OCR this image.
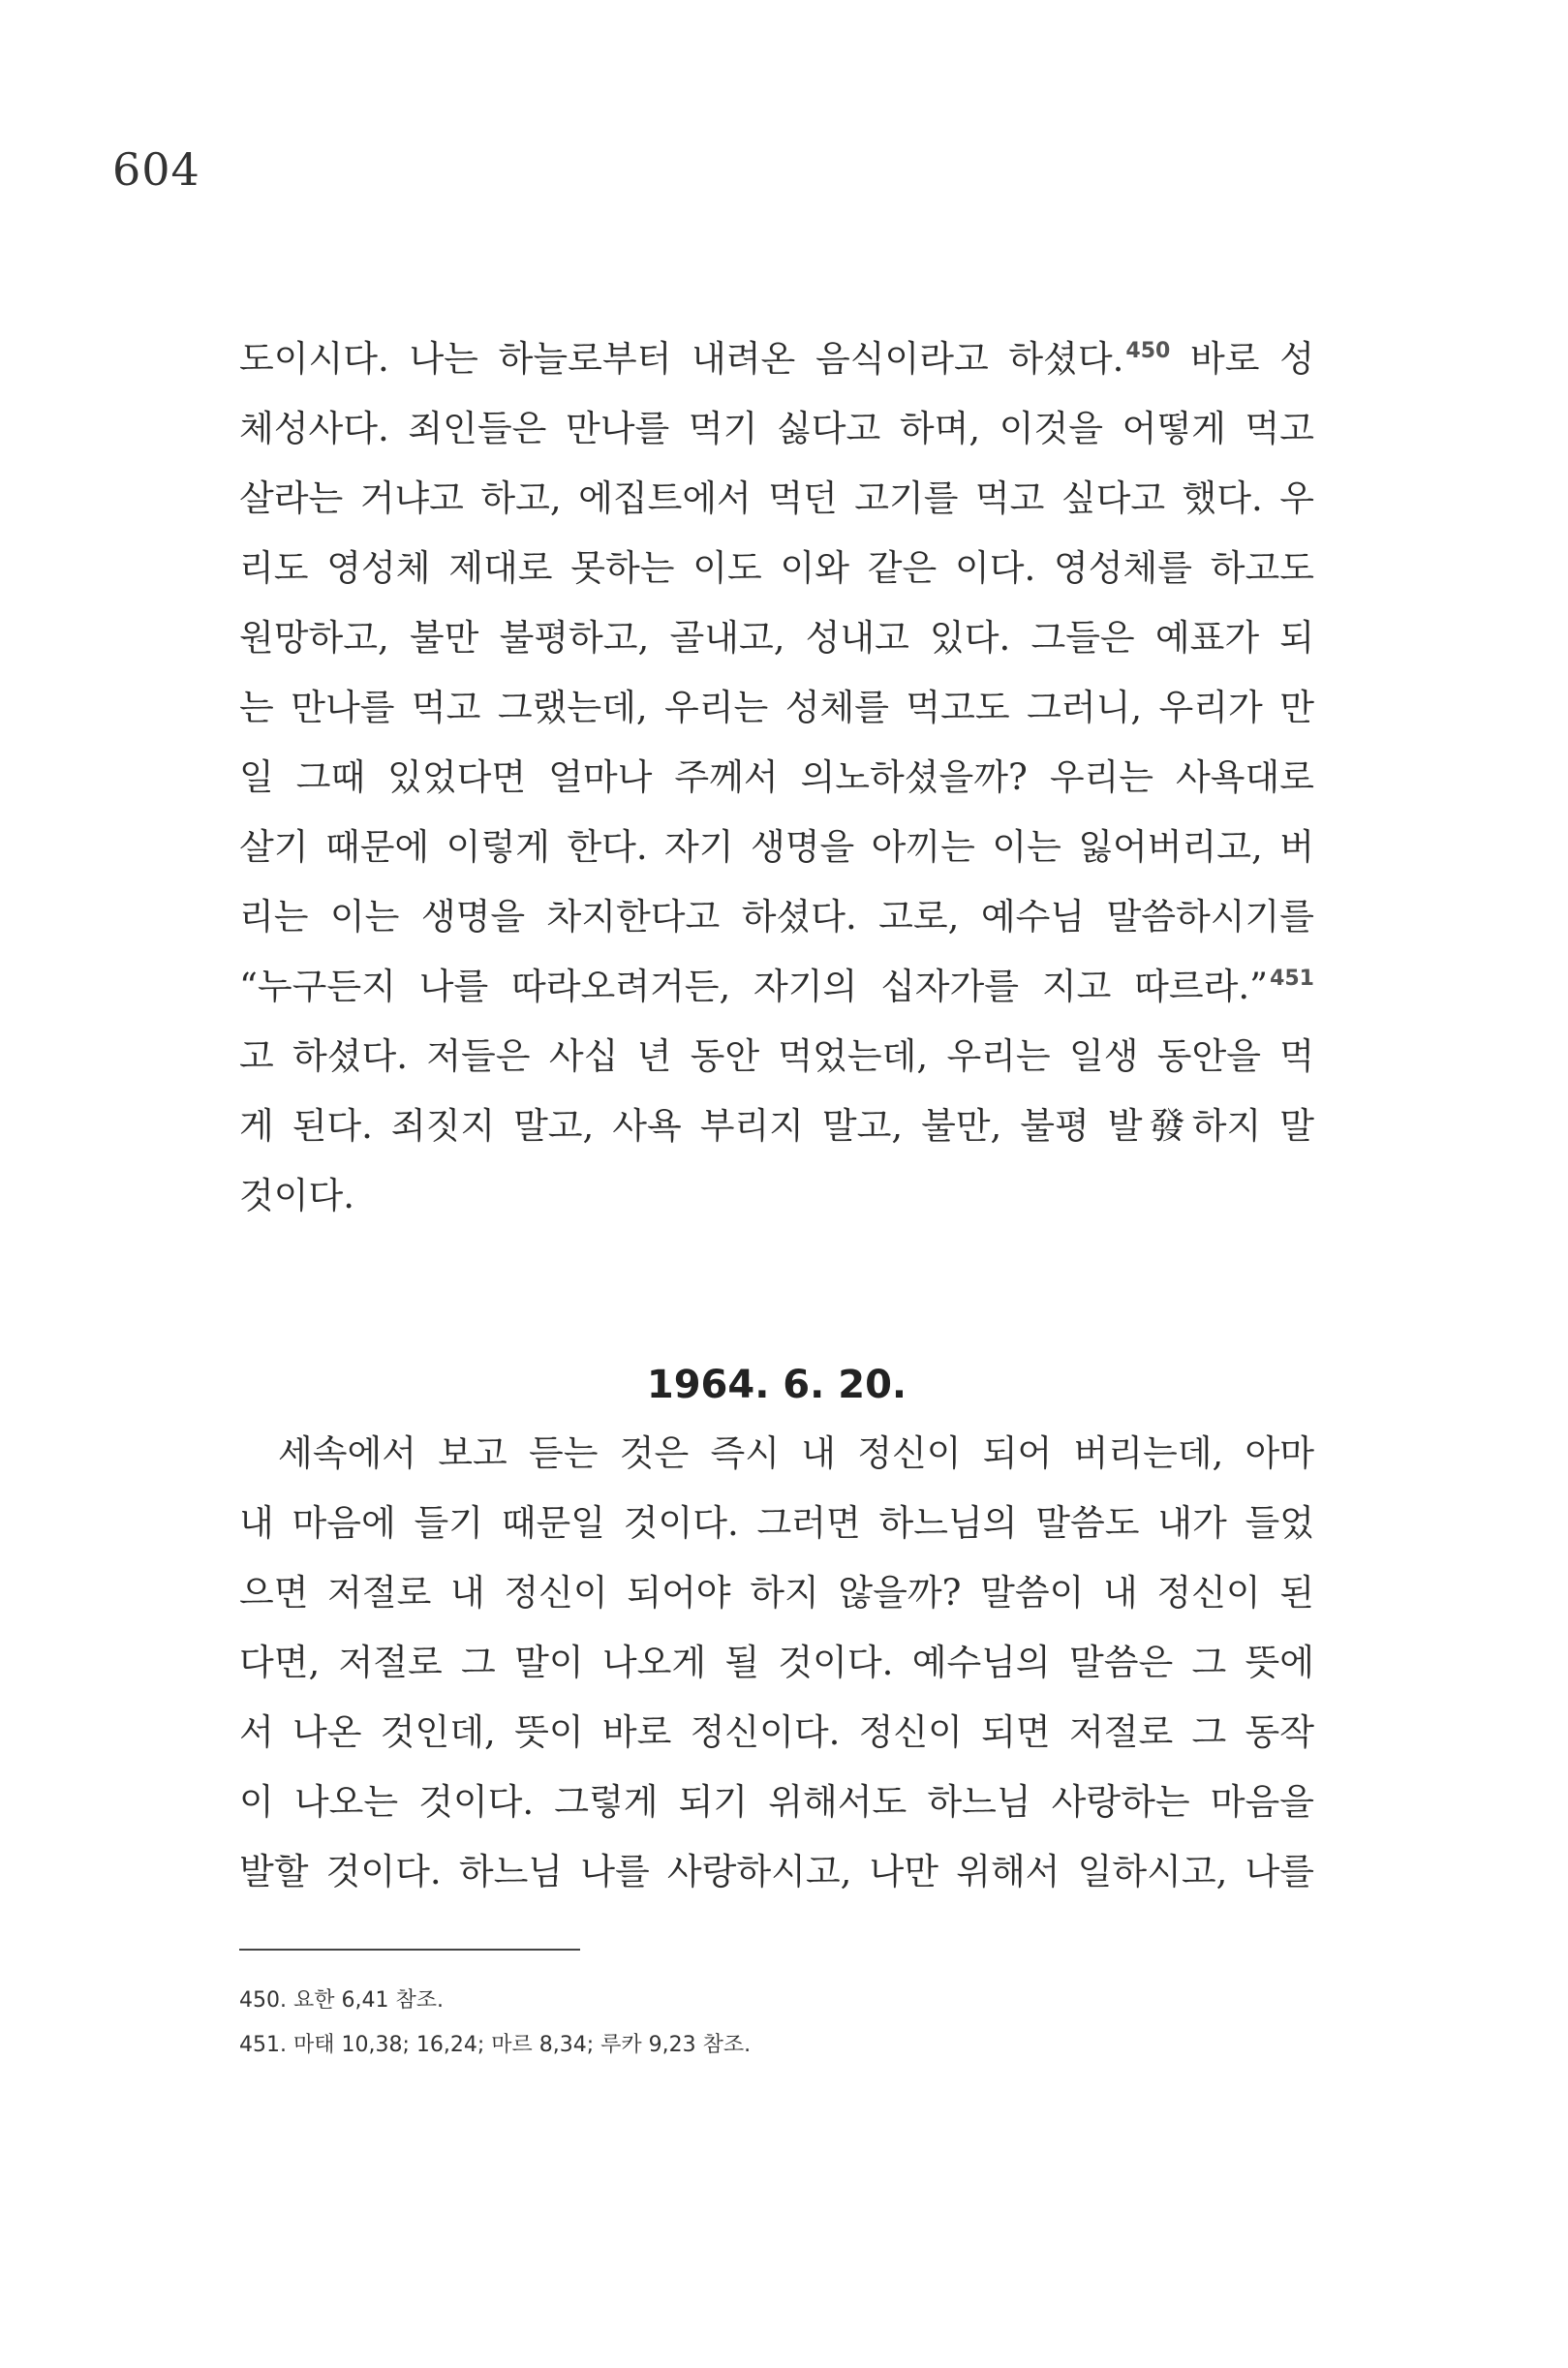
604
도이시다. 나는 하늘로부터 내려온 음식이라고 하셨다.$^{450}$ 바로 성
체성사다. 죄인들은 만나를 먹기 싫다고 하며, 이것을 어떻게 먹고
살라는 거냐고 하고, 에집트에서 먹던 고기를 먹고 싶다고 했다. 우
리도 영성체 제대로 못하는 이도 이와 같은 이다. 영성체를 하고도
원망하고, 불만 불평하고, 골내고, 성내고 있다. 그들은 예표가 되
는 만나를 먹고 그랬는데, 우리는 성체를 먹고도 그러니, 우리가 만
일 그때 있었다면 얼마나 주께서 의노하셨을까? 우리는 사욕대로
살기 때문에 이렇게 한다. 자기 생명을 아끼는 이는 잃어버리고, 버
리는 이는 생명을 차지한다고 하셨다. 고로, 예수님 말씀하시기를
“누구든지 나를 따라오려거든, 자기의 십자가를 지고 따르라.”$^{451}$
고 하셨다. 저들은 사십 년 동안 먹었는데, 우리는 일생 동안을 먹
게 된다. 죄짓지 말고, 사욕 부리지 말고, 불만, 불평 발發하지 말
것이다.
1964. 6. 20.
세속에서 보고 듣는 것은 즉시 내 정신이 되어 버리는데, 아마
내 마음에 들기 때문일 것이다. 그러면 하느님의 말씀도 내가 들었
으면 저절로 내 정신이 되어야 하지 않을까? 말씀이 내 정신이 된
다면, 저절로 그 말이 나오게 될 것이다. 예수님의 말씀은 그 뜻에
서 나온 것인데, 뜻이 바로 정신이다. 정신이 되면 저절로 그 동작
이 나오는 것이다. 그렇게 되기 위해서도 하느님 사랑하는 마음을
발할 것이다. 하느님 나를 사랑하시고, 나만 위해서 일하시고, 나를
450. 요한 6,41 참조.
451. 마태 10,38; 16,24; 마르 8,34; 루카 9,23 참조.
